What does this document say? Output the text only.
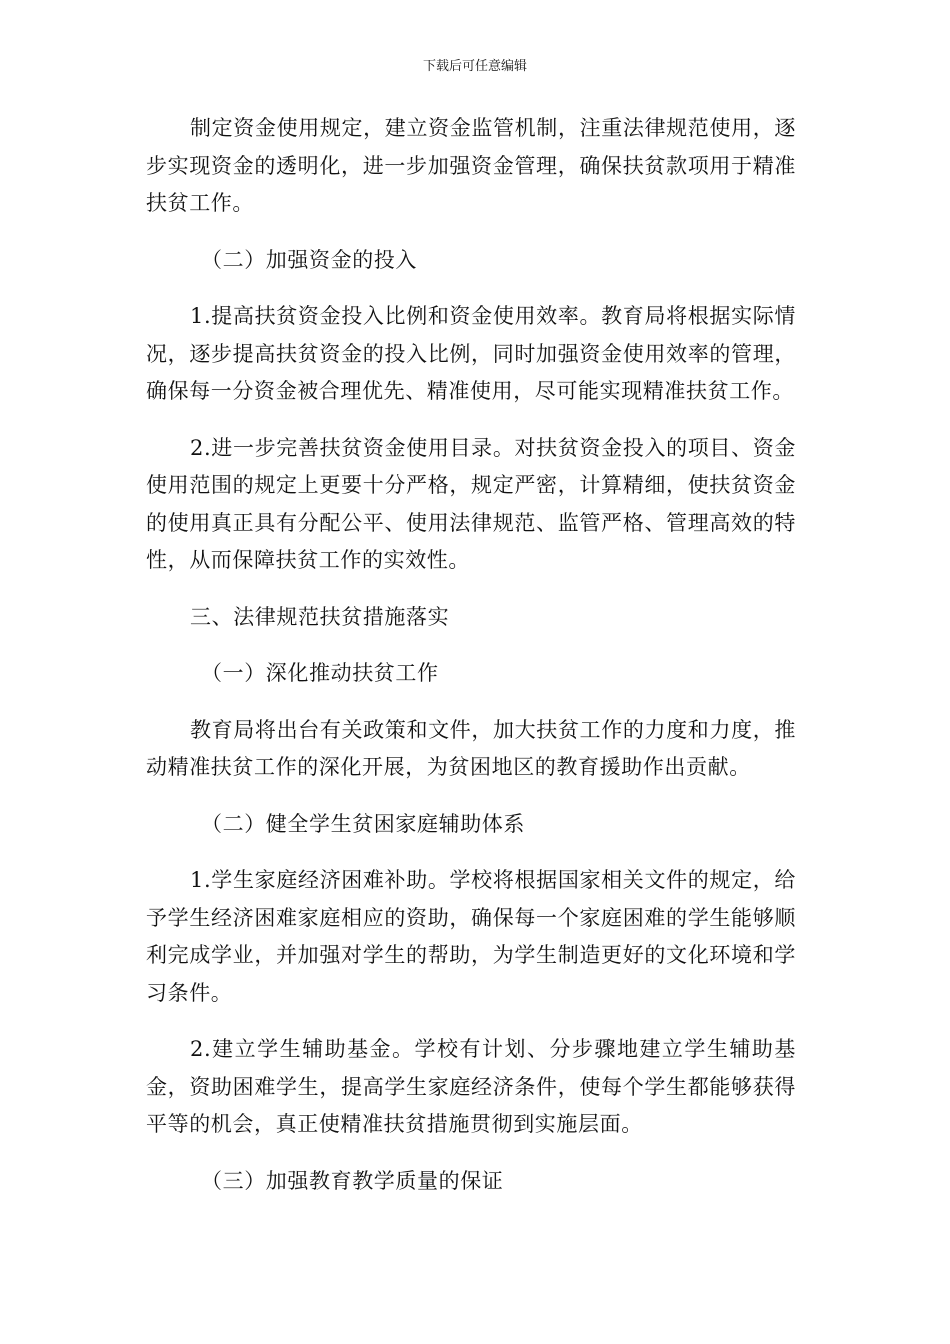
下载后可任意编辑

制定资金使用规定，建立资金监管机制，注重法律规范使用，逐步实现资金的透明化，进一步加强资金管理，确保扶贫款项用于精准扶贫工作。

（二）加强资金的投入

1.提高扶贫资金投入比例和资金使用效率。教育局将根据实际情况，逐步提高扶贫资金的投入比例，同时加强资金使用效率的管理，确保每一分资金被合理优先、精准使用，尽可能实现精准扶贫工作。

2.进一步完善扶贫资金使用目录。对扶贫资金投入的项目、资金使用范围的规定上更要十分严格，规定严密，计算精细，使扶贫资金的使用真正具有分配公平、使用法律规范、监管严格、管理高效的特性，从而保障扶贫工作的实效性。

三、法律规范扶贫措施落实

（一）深化推动扶贫工作

教育局将出台有关政策和文件，加大扶贫工作的力度和力度，推动精准扶贫工作的深化开展，为贫困地区的教育援助作出贡献。

（二）健全学生贫困家庭辅助体系

1.学生家庭经济困难补助。学校将根据国家相关文件的规定，给予学生经济困难家庭相应的资助，确保每一个家庭困难的学生能够顺利完成学业，并加强对学生的帮助，为学生制造更好的文化环境和学习条件。

2.建立学生辅助基金。学校有计划、分步骤地建立学生辅助基金，资助困难学生，提高学生家庭经济条件，使每个学生都能够获得平等的机会，真正使精准扶贫措施贯彻到实施层面。

（三）加强教育教学质量的保证
